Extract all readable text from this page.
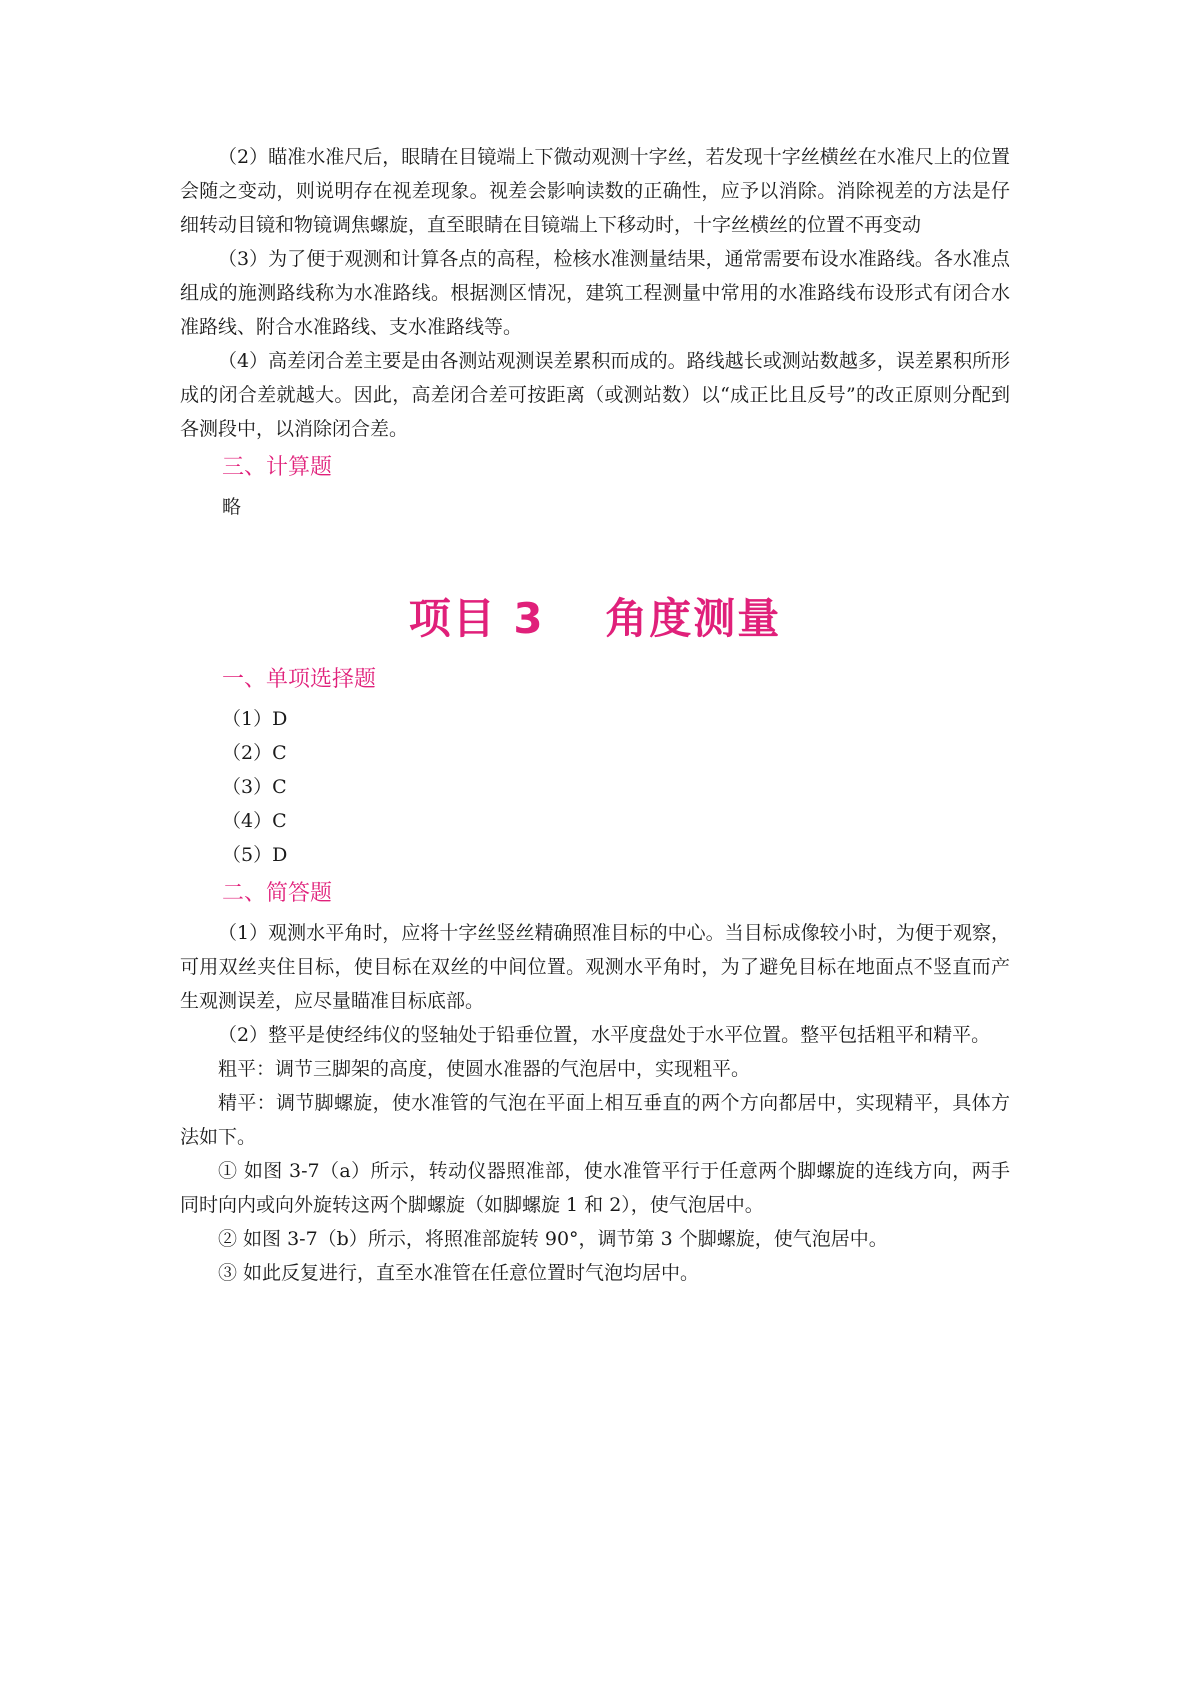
（2）瞄准水准尺后，眼睛在目镜端上下微动观测十字丝，若发现十字丝横丝在水准尺上的位置会随之变动，则说明存在视差现象。视差会影响读数的正确性，应予以消除。消除视差的方法是仔细转动目镜和物镜调焦螺旋，直至眼睛在目镜端上下移动时，十字丝横丝的位置不再变动

（3）为了便于观测和计算各点的高程，检核水准测量结果，通常需要布设水准路线。各水准点组成的施测路线称为水准路线。根据测区情况，建筑工程测量中常用的水准路线布设形式有闭合水准路线、附合水准路线、支水准路线等。

（4）高差闭合差主要是由各测站观测误差累积而成的。路线越长或测站数越多，误差累积所形成的闭合差就越大。因此，高差闭合差可按距离（或测站数）以“成正比且反号”的改正原则分配到各测段中，以消除闭合差。

三、计算题

略

项目 3　 角度测量
一、单项选择题

（1）D

（2）C

（3）C

（4）C

（5）D

二、简答题

（1）观测水平角时，应将十字丝竖丝精确照准目标的中心。当目标成像较小时，为便于观察，可用双丝夹住目标，使目标在双丝的中间位置。观测水平角时，为了避免目标在地面点不竖直而产生观测误差，应尽量瞄准目标底部。

（2）整平是使经纬仪的竖轴处于铅垂位置，水平度盘处于水平位置。整平包括粗平和精平。

粗平：调节三脚架的高度，使圆水准器的气泡居中，实现粗平。

精平：调节脚螺旋，使水准管的气泡在平面上相互垂直的两个方向都居中，实现精平，具体方法如下。

① 如图 3-7（a）所示，转动仪器照准部，使水准管平行于任意两个脚螺旋的连线方向，两手同时向内或向外旋转这两个脚螺旋（如脚螺旋 1 和 2），使气泡居中。

② 如图 3-7（b）所示，将照准部旋转 90°，调节第 3 个脚螺旋，使气泡居中。

③ 如此反复进行，直至水准管在任意位置时气泡均居中。
